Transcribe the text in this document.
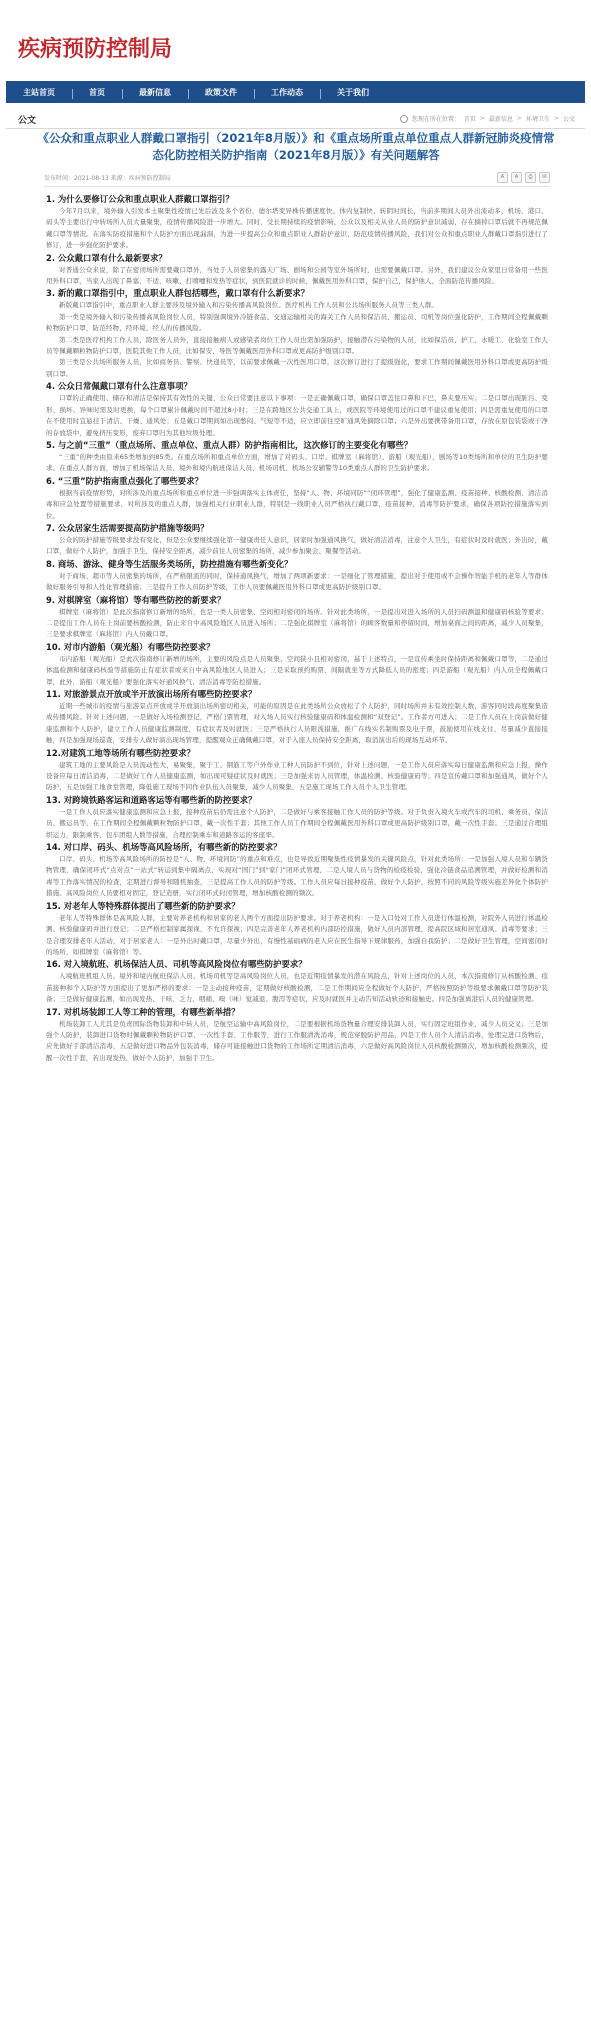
疾病预防控制局
主站首页	首页	最新信息	政策文件	工作动态	关于我们
公文	您现在所在位置： 首页 > 最新信息 > 环境卫生 > 公文
《公众和重点职业人群戴口罩指引（2021年8月版）》和《重点场所重点单位重点人群新冠肺炎疫情常态化防控相关防护指南（2021年8月版）》有关问题解答
发布时间：2021-08-13 来源：疾病预防控制局	A	A	⎙	✉

1. 为什么要修订公众和重点职业人群戴口罩指引？

今年7月以来，境外输入引发本土聚集性疫情已先后波及多个省份，德尔塔变异株传播速度快、体内复制快、转阴时间长，当前多期间人员外出流动多，机场、港口、码头等主要出行中转场所人员大量聚集，疫情传播风险进一步增大。同时，受长期持续的疫情影响，公众以及相关从业人员的防护意识减弱，存在摘掉口罩后就不再规范佩戴口罩等情况。在落实防疫措施和个人防护方面出现漏洞，为进一步提高公众和重点职业人群防护意识，防范疫情传播风险，我们对公众和重点职业人群戴口罩指引进行了修订，进一步强化防护要求。

2. 公众戴口罩有什么最新要求？

对普通公众来说，除了在密闭场所需要戴口罩外，当处于人员密集的露天广场、剧场和公园等室外场所时，也需要佩戴口罩。另外，我们建议公众家里日常备用一些医用外科口罩，当家人出现了鼻塞、不适、咳嗽、打喷嚏和发热等症状，到医院就诊的时候，佩戴医用外科口罩，保护自己，保护他人，全面防范传播风险。

3. 新的戴口罩指引中，重点职业人群包括哪些，戴口罩有什么新要求？

新版戴口罩指引中，重点职业人群主要涉及境外输入和污染传播高风险岗位、医疗机构工作人员和公共场所服务人员等三类人群。

第一类是境外输入和污染传播高风险岗位人员，特别强调境外冷链食品、交通运输相关的海关工作人员和保洁员、搬运员、司机等岗位强化防护，工作期间全程佩戴颗粒物防护口罩，防范经物、经环境、经人的传播风险。

第二类是医疗机构工作人员，除医务人员外，直接接触病人或感染者岗位工作人员也需加强防护，接触潜在污染物的人员，比如保洁员、护工、水暖工、化验室工作人员等佩戴颗粒物防护口罩，医院其他工作人员，比如保安、导医等佩戴医用外科口罩或更高防护级别口罩。

第三类是公共场所服务人员，比如商务员、警察、快递员等，以前要求佩戴一次性医用口罩，这次修订进行了提级强化，要求工作期间佩戴医用外科口罩或更高防护级别口罩。

4. 公众日常佩戴口罩有什么注意事项？

口罩的正确使用、储存和清洁是保持其有效性的关键，公众日常要注意以下事项：一是正确佩戴口罩，确保口罩盖住口鼻和下巴，鼻夹要压实；二是口罩出现脏污、变形、损坏、异味时需及时更换，每个口罩累计佩戴时间不超过8小时；三是在跨地区公共交通工具上，或医院等环境使用过的口罩不建议重复使用；四是需重复使用的口罩在不使用时宜悬挂于清洁、干燥、通风处；五是戴口罩期间如出现憋闷、气短等不适，应立即前往空旷通风处摘除口罩；六是外出要携带备用口罩，存放在原包装袋或干净的存放袋中，避免挤压变形，废弃口罩归为其他垃圾处理。

5. 与之前“三重”（重点场所、重点单位、重点人群）防护指南相比，这次修订的主要变化有哪些？

“三重”的种类由原来65类增加到85类。在重点场所和重点单位方面，增加了对码头、口岸、棋牌室（麻将馆）、游船（观光船）、剧场等10类场所和单位的卫生防护要求。在重点人群方面，增加了机场保洁人员、境外和境内航班保洁人员、机场司机、机场公安辅警等10类重点人群的卫生防护要求。

6. “三重”防护指南重点强化了哪些要求？

根据当前疫情形势，对所涉及的重点场所和重点单位进一步强调落实主体责任，坚持“人、物、环境同防”“闭环管理”，强化了健康监测、疫苗接种、核酸检测、清洁消毒和应急处置等措施要求，对所涉及的重点人群，加强相关行业职业人群，特别是一线职业人员严格执行戴口罩，疫苗接种、消毒等防护要求，确保各项防控措施落实到位。

7. 公众居家生活需要提高防护措施等级吗？

公众的防护措施等级要求没有变化，但是公众要继续强化第一健康责任人意识，居家时加强通风换气，做好清洁消毒，注意个人卫生，有症状时及时就医；外出时，戴口罩，做好个人防护，加强手卫生，保持安全距离，减少前往人员密集的场所，减少参加聚会、聚餐等活动。

8. 商场、游泳、健身等生活服务类场所，防控措施有哪些新变化？

对于商场、超市等人员密集的场所，在严格限流的同时，保持通风换气，增加了两项新要求：一是细化了管理措施，提出对于使用或不会操作智能手机的老年人等群体做好服务引导和人性化管理措施；三是提升工作人员防护等级，工作人员要佩戴医用外科口罩或更高防护级别口罩。

9. 对棋牌室（麻将馆）等有哪些防控的新要求？

棋牌室（麻将馆）是此次指南修订新增的场所，也是一类人员密集、空间相对密闭的场所。针对此类场所，一是提出对进入场所的人员扫码测温和健康码核验等要求；二是提出工作人员在上岗前要核酸检测，防止来自中高风险地区人员进入场所；二是强化棋牌室（麻将馆）的顾客数量和停留时间，增加桌面之间的距离，减少人员聚集，三是要求棋牌室（麻将馆）内人员戴口罩。

10. 对市内游船（观光船）有哪些防控要求？

市内游船（观光船）是此次指南修订新增的场所，主要的风险点是人员聚集、空间狭小且相对密闭，基于上述特点，一是宣传乘坐时保持距离和佩戴口罩等，二是通过体温检测和健康码核验等措施防止有症状者或来自中高风险地区人员进入；三是采取预约购票、间隔就坐等方式降低人员的密度；四是游船（观光船）内人员全程佩戴口罩，此外，游船（观光船）要强化落实好通风换气、清洁消毒等防控措施。

11. 对旅游景点开放或半开放演出场所有哪些防控要求？

近期一些城市的疫情与旅游景点开放或半开放演出场所密切相关，可能的原因是在此类场所公众放松了个人防护，同时场所并未有效控制人数，游客同时段高度聚集造成传播风险。针对上述问题，一是做好入场检测登记，严格门票管理，对入场人员实行核验健康码和体温检测和“双登记”。工作者方可进入；二是工作人员在上岗前做好健康监测和个人防护，建立工作人员健康监测制度，有症状者及时就医；三是严格执行人员限流措施，推广在线实名制购票及电子票，鼓励使用在线支付，尽量减少直接接触，四是加强现场巡查，安排专人做好演出现场管理，提醒观众正确佩戴口罩，对于入座人员保持安全距离，取消演出后的现场互动环节。

12.对建筑工地等场所有哪些防控要求？

建筑工地的主要风险是人员流动性大，易聚集，聚于工、钢筋工等户外作业工种人员防护不到位，针对上述问题，一是工作人员应落实每日健康监测和应急上报，操作设备应每日清洁消毒，二是做好工作人员健康监测，如出现可疑症状及时就医；三是加强来访人员管理，体温检测、核验健康码等；四是宣传戴口罩和加强通风，做好个人防护，五是加强工地食堂管理，降低施工现场不同作业队伍人员聚集，减少人员聚集，五是施工现场工作人员个人卫生管理。

13. 对跨境铁路客运和道路客运等有哪些新的防控要求？

一是工作人员应落实健康监测和应急上报，接种疫苗后仍需注意个人防护，二是做好与乘客接触工作人员的防护等级。对于负责入境火车或汽车的司机、乘务员、保洁员、搬运员等，在工作期间全程佩戴颗粒物防护口罩，戴一次性手套；其他工作人员工作期间全程佩戴医用外科口罩或更高防护级别口罩，戴一次性手套。三是通过合理组织运力，限制乘客、包车团组人数等措施，合理控制乘车和道路客运的客座率。

14. 对口岸、码头、机场等高风险场所，有哪些新的防控要求？

口岸、码头、机场等高风险场所的防控是“人、物、环境同防”的重点和难点，也是导致近期聚集性疫情暴发的关键风险点，针对此类场所：一是加强人境人员和车辆货物管理，确保闭环式“点对点”一站式”转运到集中隔离点，实现对“国门”到“家门”闭环式管理，二是人境人员与货物的检疫检验，强化冷链食品追溯管理，并做好检测和消毒等工作落实情况的检查，定期进行督导和随机抽查，三是提高工作人员的防护等级。工作人员应每日接种疫苗，做好个人防护，按照不同的风险等级实施差异化个体防护措施。高风险岗位人员要相对固定，登记造册，实行闭环式封闭管理，增加核酸检测的频次。

15. 对老年人等特殊群体提出了哪些新的防护要求？

老年人等特殊群体是高风险人群，主要对养老机构和居家的老人两个方面提出防护要求。对于养老机构：一是入口处对工作人员进行体温检测，对院外人员进行体温检测、核验健康码并进行登记；二是严格控制家属探视，不允许探视；四是完善老年人养老机构内部防控措施，做好人员内部管理，提高院区域和居室通风、消毒等要求；三是合理安排老年人活动，对于居家老人：一是外出时戴口罩，尽量少外出，有慢性基础病的老人应在医生指导下规律服药，加强自我防护；二是做好卫生管理，空间密闭时的场所，如棋牌室（麻将馆）等。

16. 对入境航班、机场保洁人员、司机等高风险岗位有哪些防护要求？

入境航班机组人员、境外和境内航班保洁人员、机场司机等是高风险岗位人员，也是近期疫情暴发的潜在风险点，针对上述岗位的人员，本次指南修订从核酸检测、疫苗接种和个人防护等方面提出了更加严格的要求：一是主动接种疫苗，定期做好核酸检测，二是工作期间应全程做好个人防护，严格按照防护等级要求佩戴口罩等防护装备；三是做好健康监测，如出现发热、干咳、乏力、咽痛、嗅（味）觉减退、腹泻等症状，应及时就医并主动告知活动轨迹和接触史。四是加强离港后人员的健康管理。

17. 对机场装卸工人等工种的管理，有哪些新举措？

机场装卸工人尤其是负责国际货物装卸和中转人员，是航空运输中高风险岗位，二是要根据机场货物量合理安排装卸人员，实行固定班组作业，减少人员交叉；三是加强个人防护，装卸进口货物时佩戴颗粒物防护口罩、一次性手套、工作服等，进行工作服清洗消毒，规范穿脱防护用品，四是工作人员个人清洁消毒，处理完进口货物后，应先做好手部清洁消毒，五是做好进口物品外包装消毒，储存可能接触进口货物的工作场所定期清洁消毒，六是做好高风险岗位人员核酸检测频次，增加核酸检测频次，提醒一次性手套，若出现发热，做好个人防护，加强手卫生。
